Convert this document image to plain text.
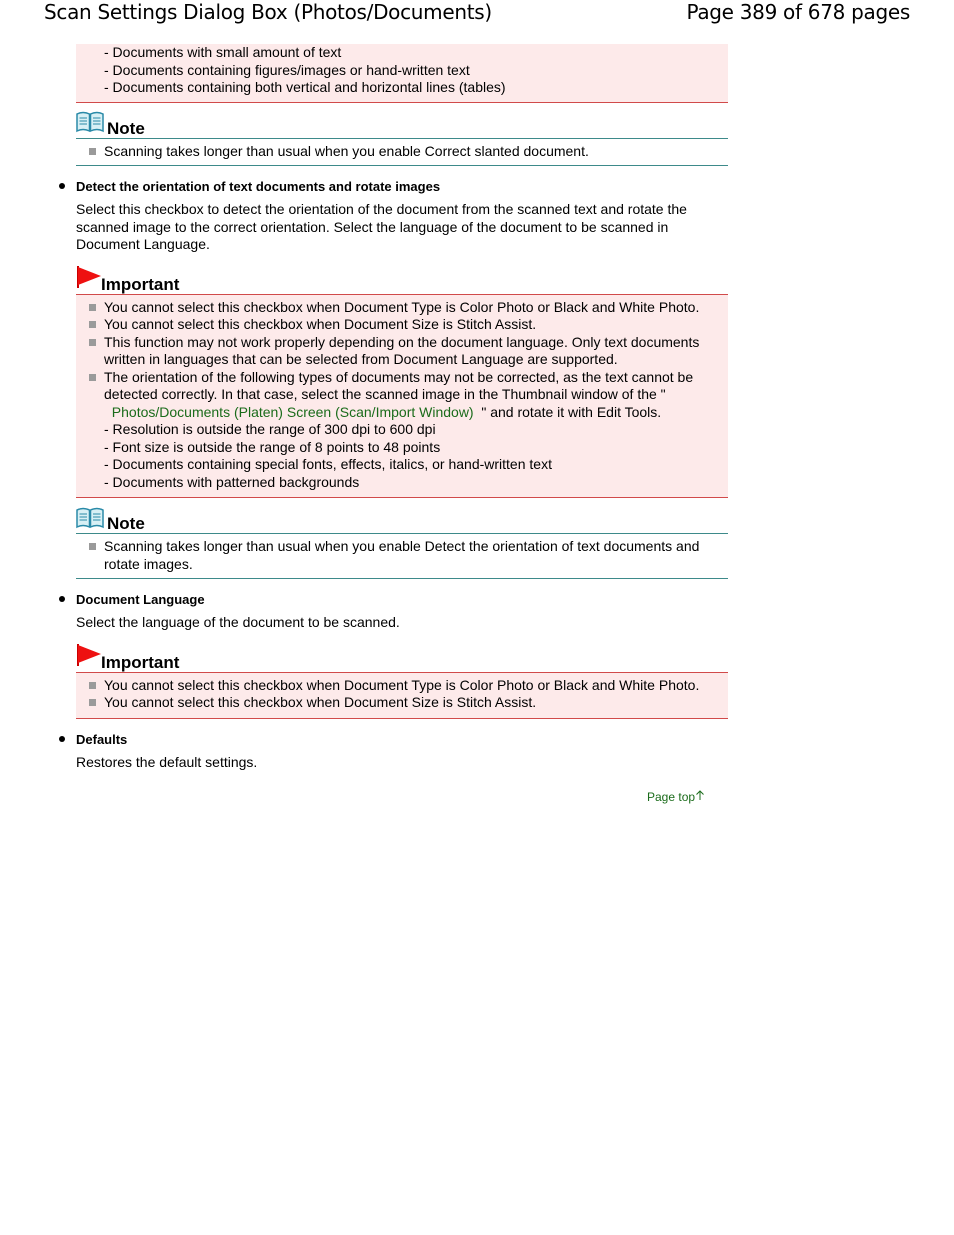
Scan Settings Dialog Box (Photos/Documents)	Page 389 of 678 pages
- Documents with small amount of text
- Documents containing figures/images or hand-written text
- Documents containing both vertical and horizontal lines (tables)
Note
Scanning takes longer than usual when you enable Correct slanted document.
Detect the orientation of text documents and rotate images
Select this checkbox to detect the orientation of the document from the scanned text and rotate the scanned image to the correct orientation. Select the language of the document to be scanned in Document Language.
Important
You cannot select this checkbox when Document Type is Color Photo or Black and White Photo.
You cannot select this checkbox when Document Size is Stitch Assist.
This function may not work properly depending on the document language. Only text documents written in languages that can be selected from Document Language are supported.
The orientation of the following types of documents may not be corrected, as the text cannot be detected correctly. In that case, select the scanned image in the Thumbnail window of the "
Photos/Documents (Platen) Screen (Scan/Import Window) " and rotate it with Edit Tools.
- Resolution is outside the range of 300 dpi to 600 dpi
- Font size is outside the range of 8 points to 48 points
- Documents containing special fonts, effects, italics, or hand-written text
- Documents with patterned backgrounds
Note
Scanning takes longer than usual when you enable Detect the orientation of text documents and rotate images.
Document Language
Select the language of the document to be scanned.
Important
You cannot select this checkbox when Document Type is Color Photo or Black and White Photo.
You cannot select this checkbox when Document Size is Stitch Assist.
Defaults
Restores the default settings.
Page top
